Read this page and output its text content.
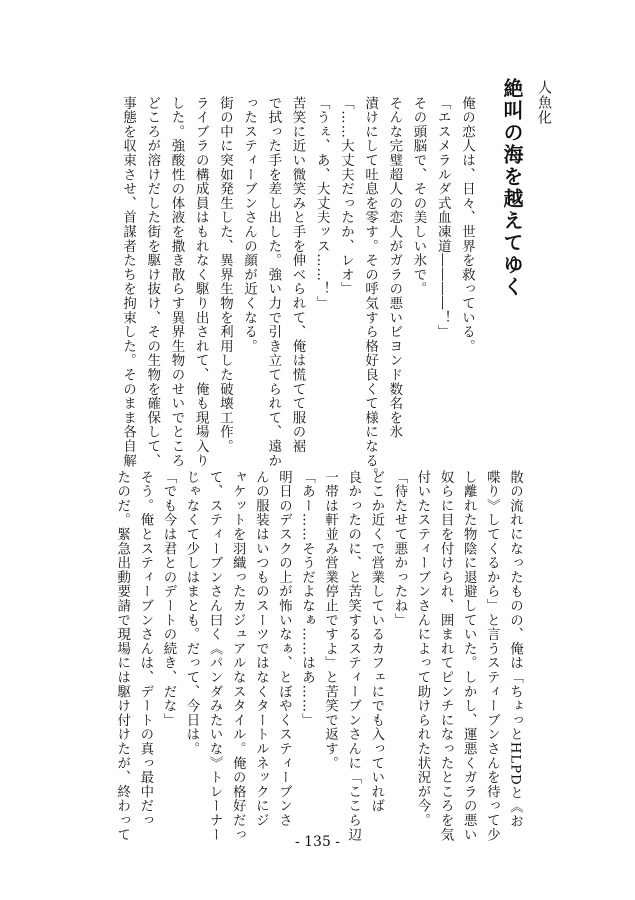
人魚化
絶叫の海を越えてゆく
俺の恋人は、日々、世界を救っている。
「エスメラルダ式血凍道――――！」
その頭脳で、その美しい氷で。
そんな完璧超人の恋人がガラの悪いビヨンド数名を氷
漬けにして吐息を零す。その呼気すら格好良くて様になる。
「……大丈夫だったか、レオ」
「うぇ、あ、大丈夫ッス……！」
苦笑に近い微笑みと手を伸べられて、俺は慌てて服の裾
で拭った手を差し出した。強い力で引き立てられて、遠か
ったスティーブンさんの顔が近くなる。
街の中に突如発生した、異界生物を利用した破壊工作。
ライブラの構成員はもれなく駆り出されて、俺も現場入り
した。強酸性の体液を撒き散らす異界生物のせいでところ
どころが溶けだした街を駆け抜け、その生物を確保して、
事態を収束させ、首謀者たちを拘束した。そのまま各自解
散の流れになったものの、俺は「ちょっとHLPDと《お
喋り》してくるから」と言うスティーブンさんを待って少
し離れた物陰に退避していた。しかし、運悪くガラの悪い
奴らに目を付けられ、囲まれてピンチになったところを気
付いたスティーブンさんによって助けられた状況が今。
「待たせて悪かったね」
どこか近くで営業しているカフェにでも入っていれば
良かったのに、と苦笑するスティーブンさんに「ここら辺
一帯は軒並み営業停止ですよ」と苦笑で返す。
「あー……そうだよなぁ……はあ……」
明日のデスクの上が怖いなぁ、とぼやくスティーブンさ
んの服装はいつものスーツではなくタートルネックにジ
ャケットを羽織ったカジュアルなスタイル。俺の格好だっ
て、スティーブンさん曰く《パンダみたいな》トレーナー
じゃなくて少しはまとも。だって、今日は。
「でも今は君とのデートの続き、だな」
そう。俺とスティーブンさんは、デートの真っ最中だっ
たのだ。緊急出動要請で現場には駆け付けたが、終わって
- 135 -
